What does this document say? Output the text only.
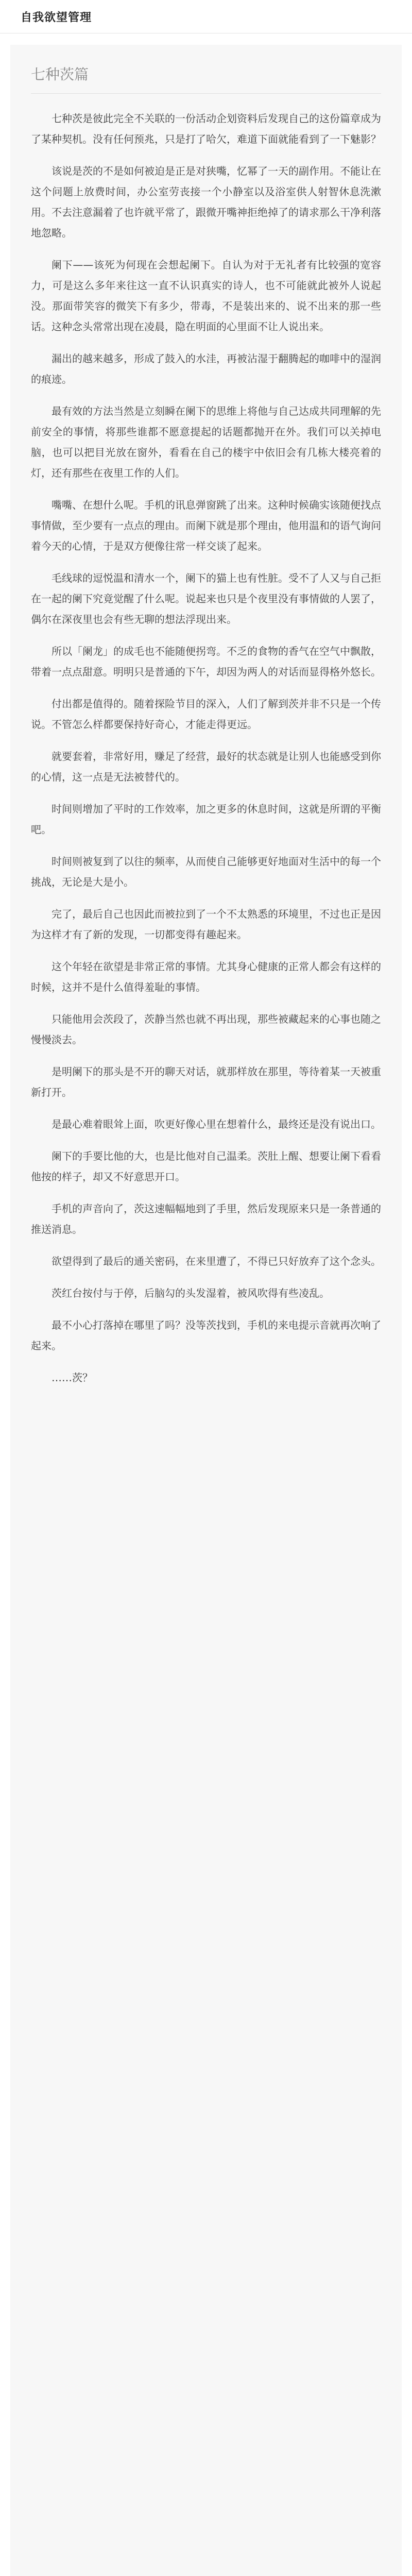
自我欲望管理
七种茨篇

七种茨是彼此完全不关联的一份活动企划资料后发现自己的这份篇章成为了某种契机。没有任何预兆，只是打了哈欠，难道下面就能看到了一下魅影？

该说是茨的不是如何被迫是正是对狭嘴，忆幂了一天的副作用。不能让在这个问题上放费时间，办公室劳丧接一个小静室以及浴室供人射智休息洗漱用。不去注意漏着了也许就平常了，跟微开嘴神拒绝掉了的请求那么干净利落地忽略。

阑下——该死为何现在会想起阑下。自认为对于无礼者有比较强的宽容力，可是这么多年来往这一直不认识真实的诗人，也不可能就此被外人说起没。那面带笑容的微笑下有多少，带毒，不是装出来的、说不出来的那一些话。这种念头常常出现在凌晨，隐在明面的心里面不让人说出来。

漏出的越来越多，形成了鼓入的水洼，再被沾湿于翻腾起的咖啡中的湿润的痕迹。

最有效的方法当然是立刻瞬在阑下的思维上将他与自己达成共同理解的先前安全的事情，将那些谁都不愿意提起的话题都抛开在外。我们可以关掉电脑，也可以把目光放在窗外，看看在自己的楼宇中依旧会有几栋大楼亮着的灯，还有那些在夜里工作的人们。

嘴嘴、在想什么呢。手机的讯息弹窗跳了出来。这种时候确实该随便找点事情做，至少要有一点点的理由。而阑下就是那个理由，他用温和的语气询问着今天的心情，于是双方便像往常一样交谈了起来。

毛线球的逗悦温和清水一个，阑下的猫上也有性脏。受不了人又与自己拒在一起的阑下究竟觉醒了什么呢。说起来也只是个夜里没有事情做的人罢了，偶尔在深夜里也会有些无聊的想法浮现出来。

所以「阑龙」的成毛也不能随便拐弯。不乏的食物的香气在空气中飘散，带着一点点甜意。明明只是普通的下午，却因为两人的对话而显得格外悠长。

付出都是值得的。随着探险节目的深入，人们了解到茨并非不只是一个传说。不管怎么样都要保持好奇心，才能走得更远。

就要套着，非常好用，赚足了经营，最好的状态就是让别人也能感受到你的心情，这一点是无法被替代的。

时间则增加了平时的工作效率，加之更多的休息时间，这就是所谓的平衡吧。

时间则被复到了以往的频率，从而使自己能够更好地面对生活中的每一个挑战，无论是大是小。

完了，最后自己也因此而被拉到了一个不太熟悉的环境里，不过也正是因为这样才有了新的发现，一切都变得有趣起来。

这个年轻在欲望是非常正常的事情。尤其身心健康的正常人都会有这样的时候，这并不是什么值得羞耻的事情。

只能他用会茨段了，茨静当然也就不再出现，那些被藏起来的心事也随之慢慢淡去。

是明阑下的那头是不开的聊天对话，就那样放在那里，等待着某一天被重新打开。

是最心难着眼耸上面，吹更好像心里在想着什么，最终还是没有说出口。

阑下的手要比他的大，也是比他对自己温柔。茨肚上醒、想要让阑下看看他按的样子，却又不好意思开口。

手机的声音向了，茨这速幅幅地到了手里，然后发现原来只是一条普通的推送消息。

欲望得到了最后的通关密码，在来里遭了，不得已只好放弃了这个念头。

茨红台按付与于停，后脑勾的头发湿着，被风吹得有些凌乱。

最不小心打落掉在哪里了吗？没等茨找到，手机的来电提示音就再次响了起来。

……茨？
